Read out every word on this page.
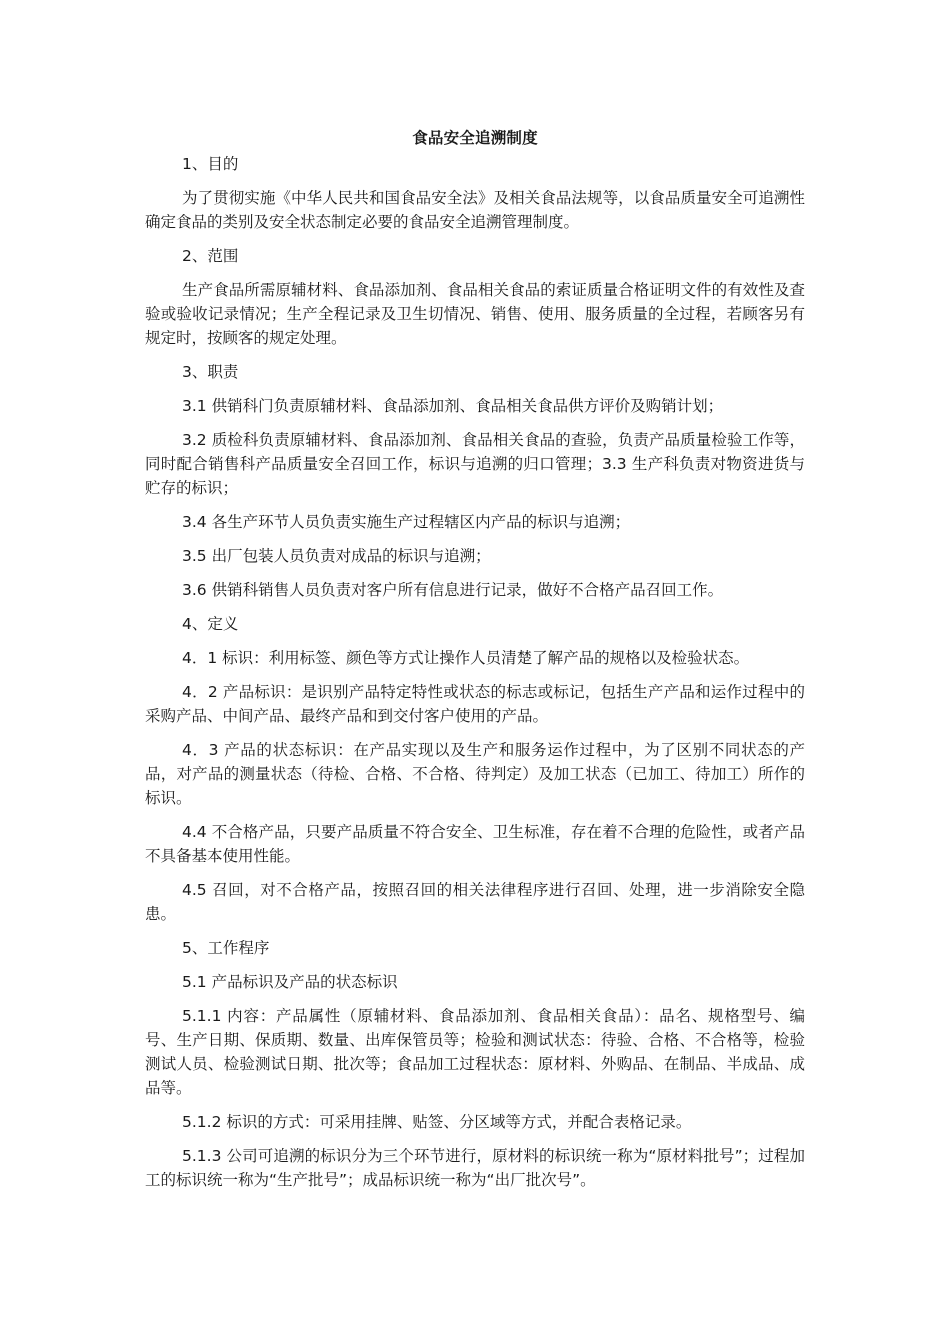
食品安全追溯制度

1、目的

为了贯彻实施《中华人民共和国食品安全法》及相关食品法规等，以食品质量安全可追溯性确定食品的类别及安全状态制定必要的食品安全追溯管理制度。

2、范围

生产食品所需原辅材料、食品添加剂、食品相关食品的索证质量合格证明文件的有效性及查验或验收记录情况；生产全程记录及卫生切情况、销售、使用、服务质量的全过程，若顾客另有规定时，按顾客的规定处理。

3、职责

3.1 供销科门负责原辅材料、食品添加剂、食品相关食品供方评价及购销计划；

3.2 质检科负责原辅材料、食品添加剂、食品相关食品的查验，负责产品质量检验工作等，同时配合销售科产品质量安全召回工作，标识与追溯的归口管理；3.3 生产科负责对物资进货与贮存的标识；

3.4 各生产环节人员负责实施生产过程辖区内产品的标识与追溯；

3.5 出厂包装人员负责对成品的标识与追溯；

3.6 供销科销售人员负责对客户所有信息进行记录，做好不合格产品召回工作。

4、定义

4．1 标识：利用标签、颜色等方式让操作人员清楚了解产品的规格以及检验状态。

4．2 产品标识：是识别产品特定特性或状态的标志或标记，包括生产产品和运作过程中的采购产品、中间产品、最终产品和到交付客户使用的产品。

4．3 产品的状态标识：在产品实现以及生产和服务运作过程中，为了区别不同状态的产品，对产品的测量状态（待检、合格、不合格、待判定）及加工状态（已加工、待加工）所作的标识。

4.4 不合格产品，只要产品质量不符合安全、卫生标准，存在着不合理的危险性，或者产品不具备基本使用性能。

4.5 召回，对不合格产品，按照召回的相关法律程序进行召回、处理，进一步消除安全隐患。

5、工作程序

5.1 产品标识及产品的状态标识

5.1.1 内容：产品属性（原辅材料、食品添加剂、食品相关食品）：品名、规格型号、编号、生产日期、保质期、数量、出库保管员等；检验和测试状态：待验、合格、不合格等，检验测试人员、检验测试日期、批次等；食品加工过程状态：原材料、外购品、在制品、半成品、成品等。

5.1.2 标识的方式：可采用挂牌、贴签、分区域等方式，并配合表格记录。

5.1.3 公司可追溯的标识分为三个环节进行，原材料的标识统一称为“原材料批号”；过程加工的标识统一称为“生产批号”；成品标识统一称为“出厂批次号”。
